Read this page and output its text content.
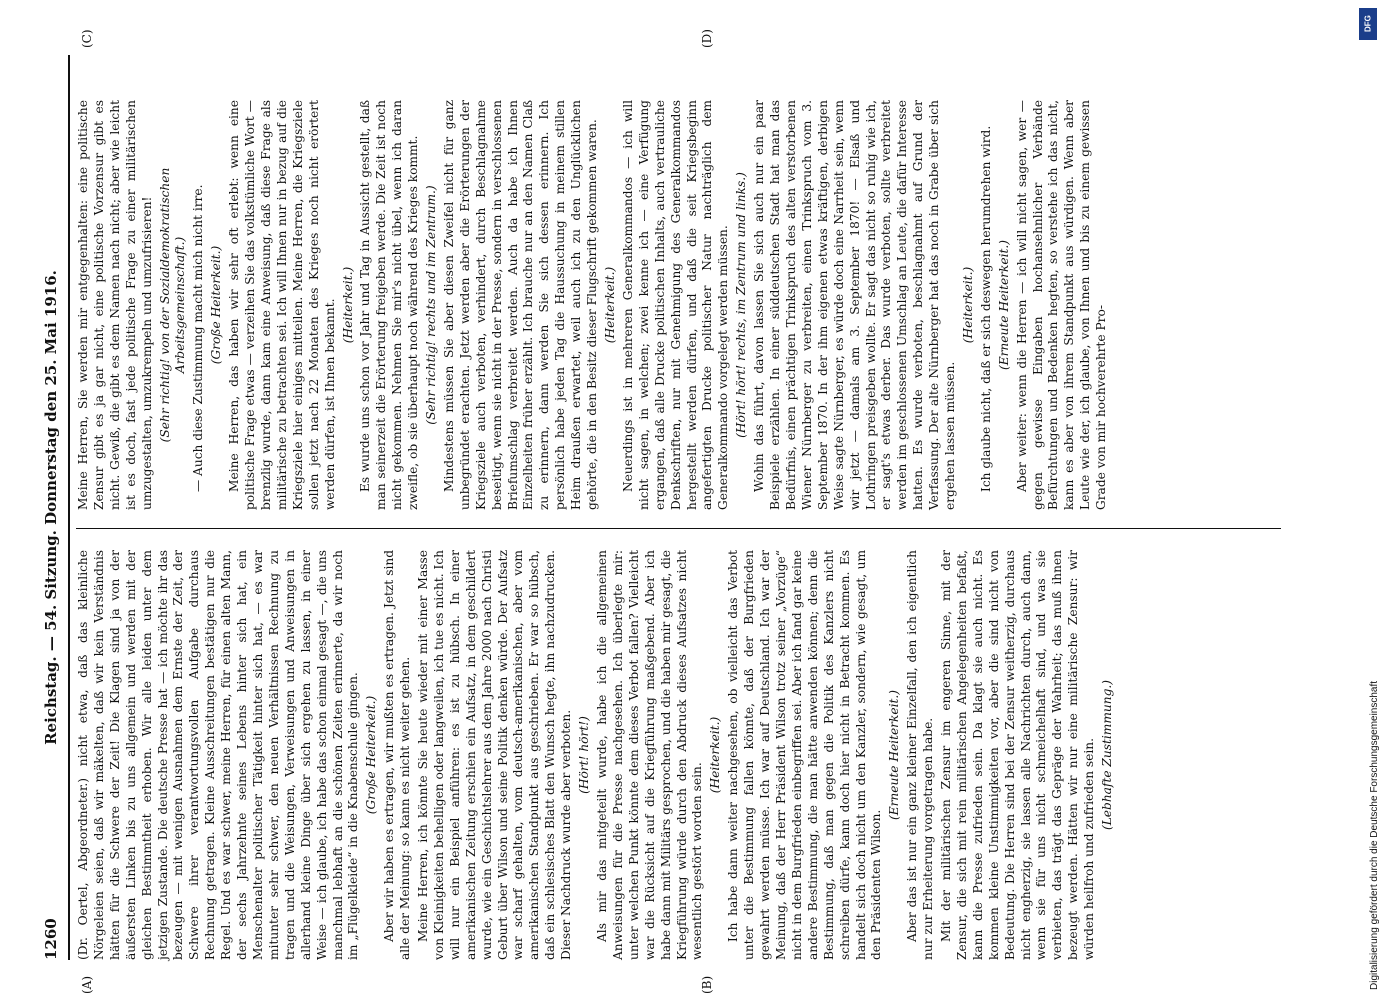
1260
Reichstag. — 54. Sitzung. Donnerstag den 25. Mai 1916.
(A)	(B)
(C)	(D)

(Dr. Oertel, Abgeordneter.) nicht etwa, daß das kleinliche Nörgeleien seien, daß wir mäkelten, daß wir kein Verständnis hätten für die Schwere der Zeit! Die Klagen sind ja von der äußersten Linken bis zu uns allgemein und werden mit der gleichen Bestimmtheit erhoben. Wir alle leiden unter dem jetzigen Zustande. Die deutsche Presse hat — ich möchte ihr das bezeugen — mit wenigen Ausnahmen dem Ernste der Zeit, der Schwere ihrer verantwortungsvollen Aufgabe durchaus Rechnung getragen. Kleine Ausschreitungen bestätigen nur die Regel. Und es war schwer, meine Herren, für einen alten Mann, der sechs Jahrzehnte seines Lebens hinter sich hat, ein Menschenalter politischer Tätigkeit hinter sich hat, — es war mitunter sehr schwer, den neuen Verhältnissen Rechnung zu tragen und die Weisungen, Verweisungen und Anweisungen in allerhand kleine Dinge über sich ergehen zu lassen, in einer Weise — ich glaube, ich habe das schon einmal gesagt —, die uns manchmal lebhaft an die schönen Zeiten erinnerte, da wir noch im „Flügelkleide“ in die Knabenschule gingen. (Große Heiterkeit.) Aber wir haben es ertragen, wir mußten es ertragen. Jetzt sind alle der Meinung: so kann es nicht weiter gehen. Meine Herren, ich könnte Sie heute wieder mit einer Masse von Kleinigkeiten behelligen oder langweilen, ich tue es nicht. Ich will nur ein Beispiel anführen: es ist zu hübsch. In einer amerikanischen Zeitung erschien ein Aufsatz, in dem geschildert wurde, wie ein Geschichtslehrer aus dem Jahre 2000 nach Christi Geburt über Wilson und seine Politik denken würde. Der Aufsatz war scharf gehalten, vom deutsch-amerikanischen, aber vom amerikanischen Standpunkt aus geschrieben. Er war so hübsch, daß ein schlesisches Blatt den Wunsch hegte, ihn nachzudrucken. Dieser Nachdruck wurde aber verboten. (Hört! hört!) Als mir das mitgeteilt wurde, habe ich die allgemeinen Anweisungen für die Presse nachgesehen. Ich überlegte mir: unter welchen Punkt könnte dem dieses Verbot fallen? Vielleicht war die Rücksicht auf die Kriegführung maßgebend. Aber ich habe dann mit Militärs gesprochen, und die haben mir gesagt, die Kriegführung würde durch den Abdruck dieses Aufsatzes nicht wesentlich gestört worden sein.

(Heiterkeit.) Ich habe dann weiter nachgesehen, ob vielleicht das Verbot unter die Bestimmung fallen könnte, daß der Burgfrieden gewahrt werden müsse. Ich war auf Deutschland. Ich war der Meinung, daß der Herr Präsident Wilson trotz seiner „Vorzüge“ nicht in dem Burgfrieden einbegriffen sei. Aber ich fand gar keine andere Bestimmung, die man hätte anwenden können; denn die Bestimmung, daß man gegen die Politik des Kanzlers nicht schreiben dürfe, kann doch hier nicht in Betracht kommen. Es handelt sich doch nicht um den Kanzler, sondern, wie gesagt, um den Präsidenten Wilson.

(Erneute Heiterkeit.) Aber das ist nur ein ganz kleiner Einzelfall, den ich eigentlich nur zur Erheiterung vorgetragen habe. Mit der militärischen Zensur im engeren Sinne, mit der Zensur, die sich mit rein militärischen Angelegenheiten befaßt, kann die Presse zufrieden sein. Da klagt sie auch nicht. Es kommen kleine Unstimmigkeiten vor, aber die sind nicht von Bedeutung. Die Herren sind bei der Zensur weitherzig, durchaus nicht engherzig, sie lassen alle Nachrichten durch, auch dann, wenn sie für uns nicht schmeichelhaft sind, und was sie verbieten, das trägt das Gepräge der Wahrheit; das muß ihnen bezeugt werden. Hätten wir nur eine militärische Zensur: wir würden heilfroh und zufrieden sein. (Lebhafte Zustimmung.)

Meine Herren, Sie werden mir entgegenhalten: eine politische Zensur gibt es ja gar nicht, eine politische Vorzensur gibt es nicht. Gewiß, die gibt es dem Namen nach nicht; aber wie leicht ist es doch, fast jede politische Frage zu einer militärischen umzugestalten, umzukrempeln und umzufrisieren! (Sehr richtig! von der Sozialdemokratischen Arbeitsgemeinschaft.) — Auch diese Zustimmung macht mich nicht irre. (Große Heiterkeit.) Meine Herren, das haben wir sehr oft erlebt: wenn eine politische Frage etwas — verzeihen Sie das volkstümliche Wort — brenzlig wurde, dann kam eine Anweisung, daß diese Frage als militärische zu betrachten sei. Ich will Ihnen nur in bezug auf die Kriegsziele hier einiges mitteilen. Meine Herren, die Kriegsziele sollen jetzt nach 22 Monaten des Krieges noch nicht erörtert werden dürfen, ist Ihnen bekannt. (Heiterkeit.) Es wurde uns schon vor Jahr und Tag in Aussicht gestellt, daß man seinerzeit die Erörterung freigeben werde. Die Zeit ist noch nicht gekommen. Nehmen Sie mir's nicht übel, wenn ich daran zweifle, ob sie überhaupt noch während des Krieges kommt. (Sehr richtig! rechts und im Zentrum.) Mindestens müssen Sie aber diesen Zweifel nicht für ganz unbegründet erachten. Jetzt werden aber die Erörterungen der Kriegsziele auch verboten, verhindert, durch Beschlagnahme beseitigt, wenn sie nicht in der Presse, sondern in verschlossenen Briefumschlag verbreitet werden. Auch da habe ich Ihnen Einzelheiten früher erzählt. Ich brauche nur an den Namen Claß zu erinnern, dann werden Sie sich dessen erinnern. Ich persönlich habe jeden Tag die Haussuchung in meinem stillen Heim draußen erwartet, weil auch ich zu den Unglücklichen gehörte, die in den Besitz dieser Flugschrift gekommen waren. (Heiterkeit.) Neuerdings ist in mehreren Generalkommandos — ich will nicht sagen, in welchen; zwei kenne ich — eine Verfügung ergangen, daß alle Drucke politischen Inhalts, auch vertrauliche Denkschriften, nur mit Genehmigung des Generalkommandos hergestellt werden dürfen, und daß die seit Kriegsbeginn angefertigten Drucke politischer Natur nachträglich dem Generalkommando vorgelegt werden müssen. (Hört! hört! rechts, im Zentrum und links.) Wohin das führt, davon lassen Sie sich auch nur ein paar Beispiele erzählen. In einer süddeutschen Stadt hat man das Bedürfnis, einen prächtigen Trinkspruch des alten verstorbenen Wiener Nürnberger zu verbreiten, einen Trinkspruch vom 3. September 1870. In der ihm eigenen etwas kräftigen, derbigen Weise sagte Nürnberger, es würde doch eine Narrheit sein, wenn wir jetzt — damals am 3. September 1870! — Elsaß und Lothringen preisgeben wollte. Er sagt das nicht so ruhig wie ich, er sagt's etwas derber. Das wurde verboten, sollte verbreitet werden im geschlossenen Umschlag an Leute, die dafür Interesse hatten. Es wurde verboten, beschlagnahmt auf Grund der Verfassung. Der alte Nürnberger hat das noch in Grabe über sich ergehen lassen müssen.

(Heiterkeit.) Ich glaube nicht, daß er sich deswegen herumdrehen wird. (Erneute Heiterkeit.) Aber weiter: wenn die Herren — ich will nicht sagen, wer — gegen gewisse Eingaben hochansehnlicher Verbände Befürchtungen und Bedenken hegten, so verstehe ich das nicht, kann es aber von ihrem Standpunkt aus würdigen. Wenn aber Leute wie der, ich glaube, von Ihnen und bis zu einem gewissen Grade von mir hochverehrte Pro-

DFG
Digitalisierung gefördert durch die Deutsche Forschungsgemeinschaft
